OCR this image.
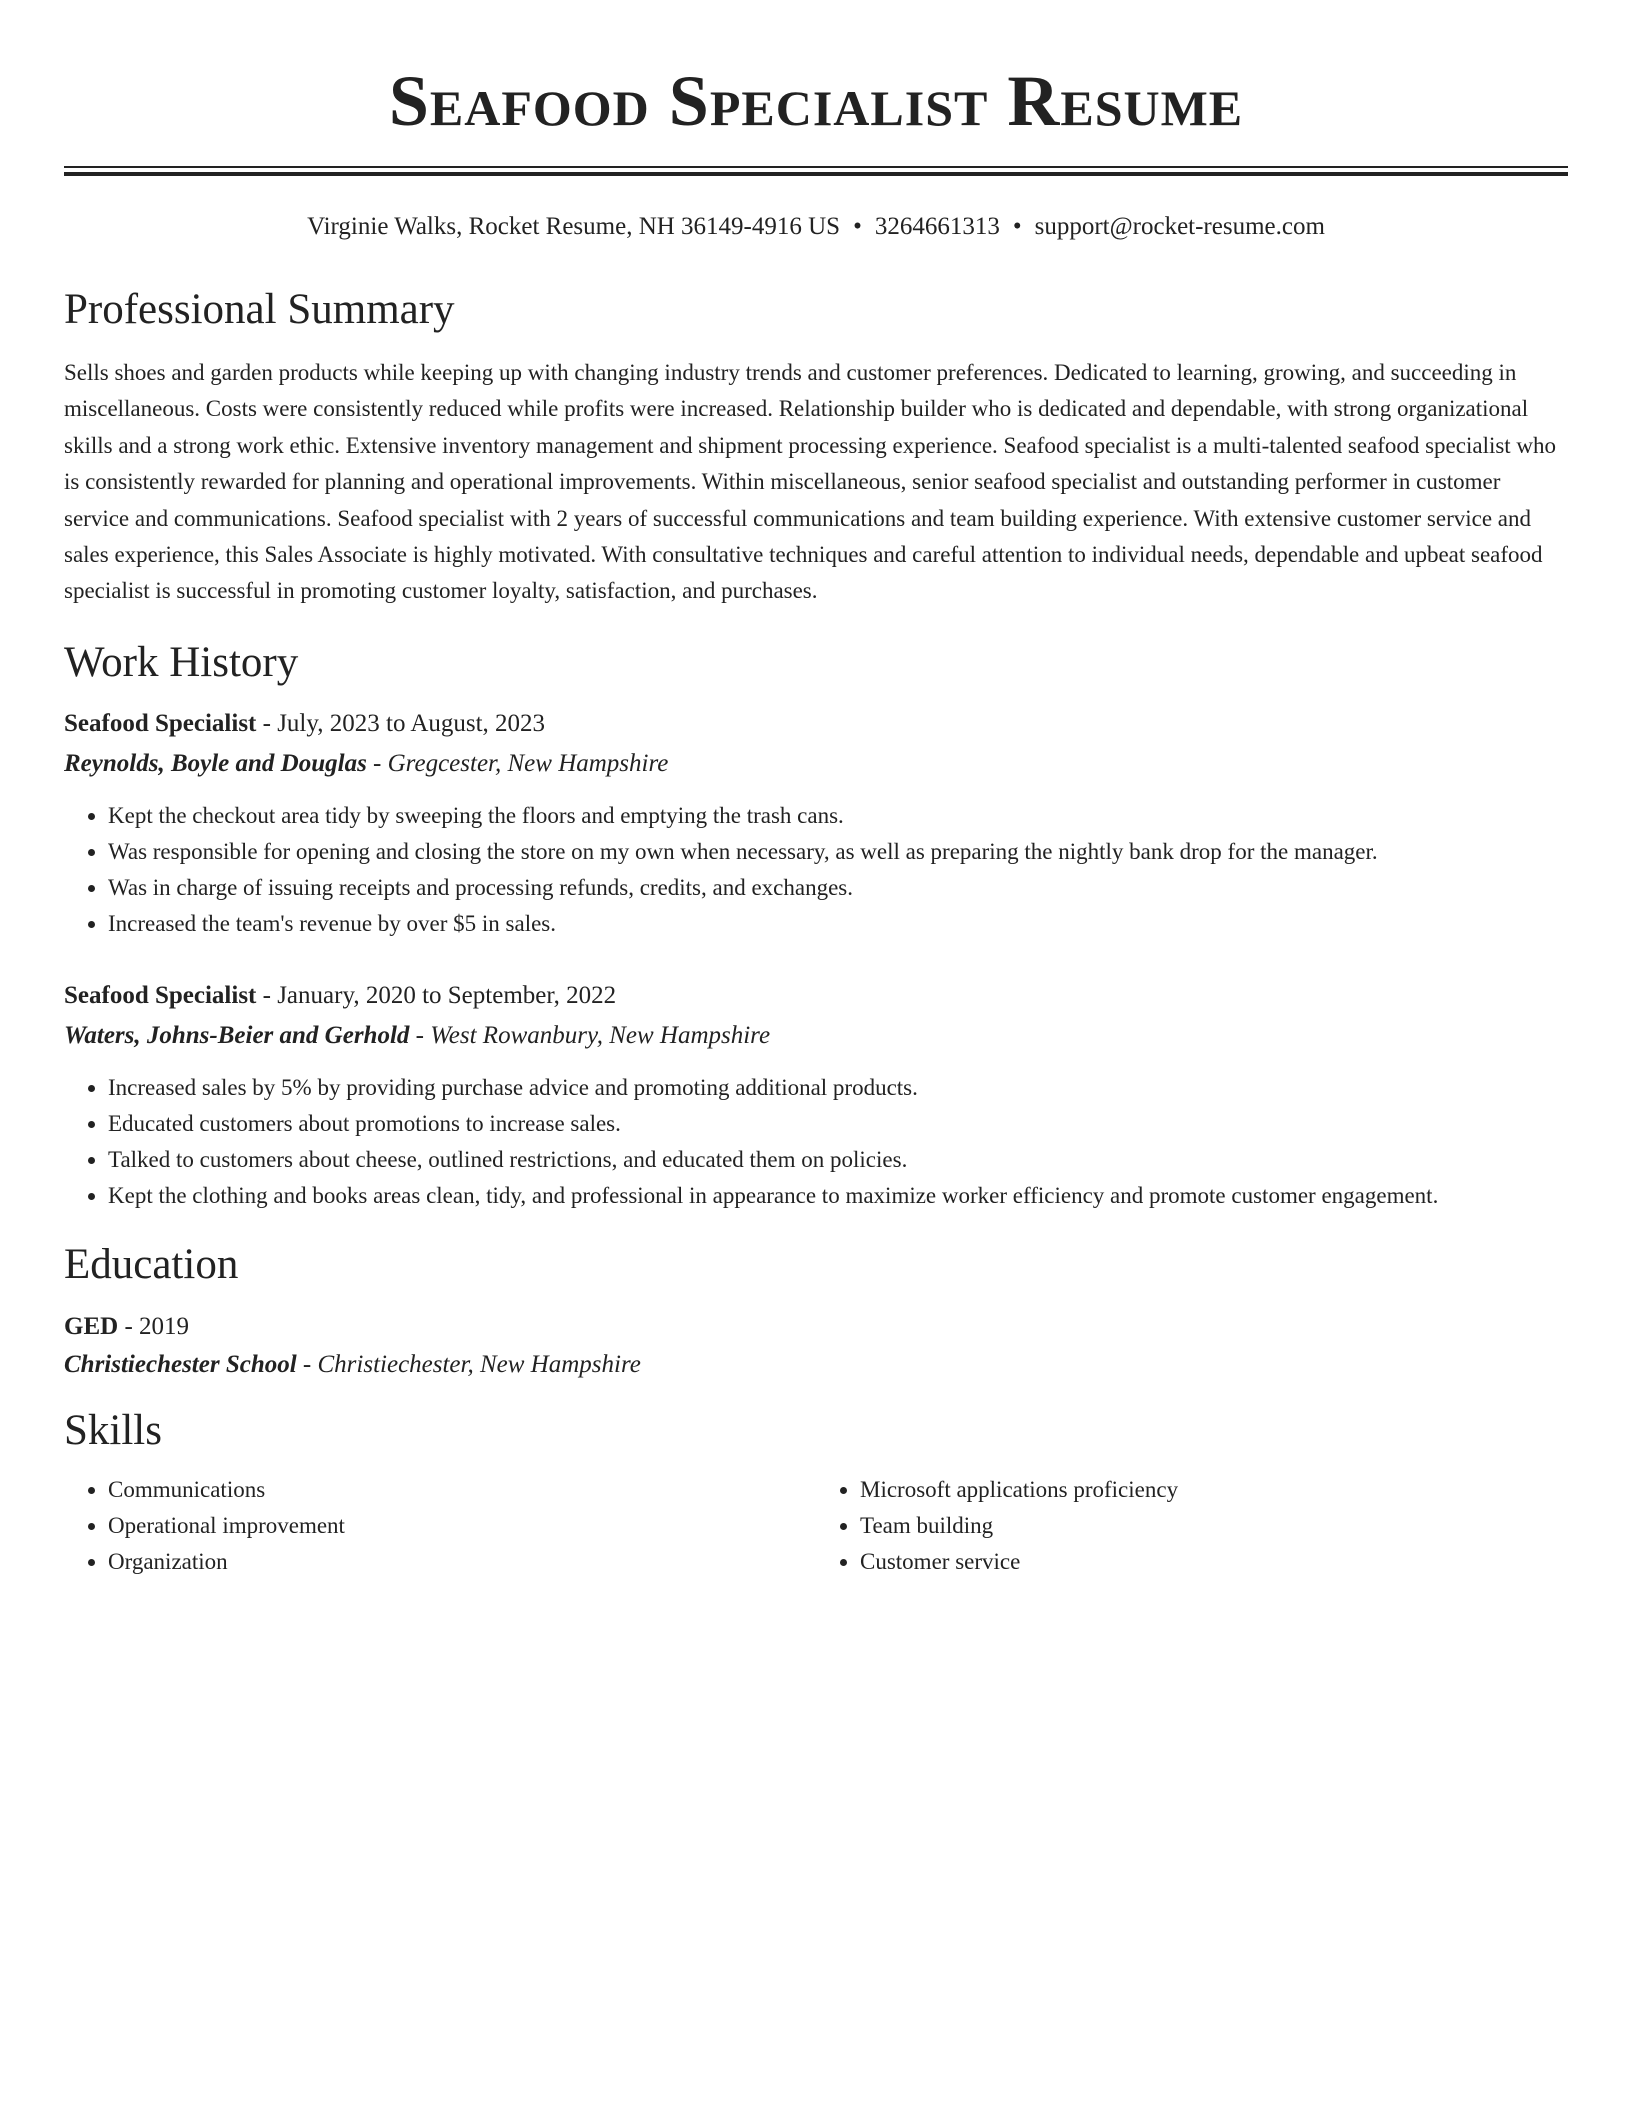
Seafood Specialist Resume
Virginie Walks, Rocket Resume, NH 36149-4916 US • 3264661313 • support@rocket-resume.com
Professional Summary

Sells shoes and garden products while keeping up with changing industry trends and customer preferences. Dedicated to learning, growing, and succeeding in miscellaneous. Costs were consistently reduced while profits were increased. Relationship builder who is dedicated and dependable, with strong organizational skills and a strong work ethic. Extensive inventory management and shipment processing experience. Seafood specialist is a multi-talented seafood specialist who is consistently rewarded for planning and operational improvements. Within miscellaneous, senior seafood specialist and outstanding performer in customer service and communications. Seafood specialist with 2 years of successful communications and team building experience. With extensive customer service and sales experience, this Sales Associate is highly motivated. With consultative techniques and careful attention to individual needs, dependable and upbeat seafood specialist is successful in promoting customer loyalty, satisfaction, and purchases.

Work History
Seafood Specialist - July, 2023 to August, 2023
Reynolds, Boyle and Douglas - Gregcester, New Hampshire
• Kept the checkout area tidy by sweeping the floors and emptying the trash cans.
• Was responsible for opening and closing the store on my own when necessary, as well as preparing the nightly bank drop for the manager.
• Was in charge of issuing receipts and processing refunds, credits, and exchanges.
• Increased the team's revenue by over $5 in sales.
Seafood Specialist - January, 2020 to September, 2022
Waters, Johns-Beier and Gerhold - West Rowanbury, New Hampshire
• Increased sales by 5% by providing purchase advice and promoting additional products.
• Educated customers about promotions to increase sales.
• Talked to customers about cheese, outlined restrictions, and educated them on policies.
• Kept the clothing and books areas clean, tidy, and professional in appearance to maximize worker efficiency and promote customer engagement.
Education
GED - 2019
Christiechester School - Christiechester, New Hampshire
Skills
• Communications
• Operational improvement
• Organization
• Microsoft applications proficiency
• Team building
• Customer service
